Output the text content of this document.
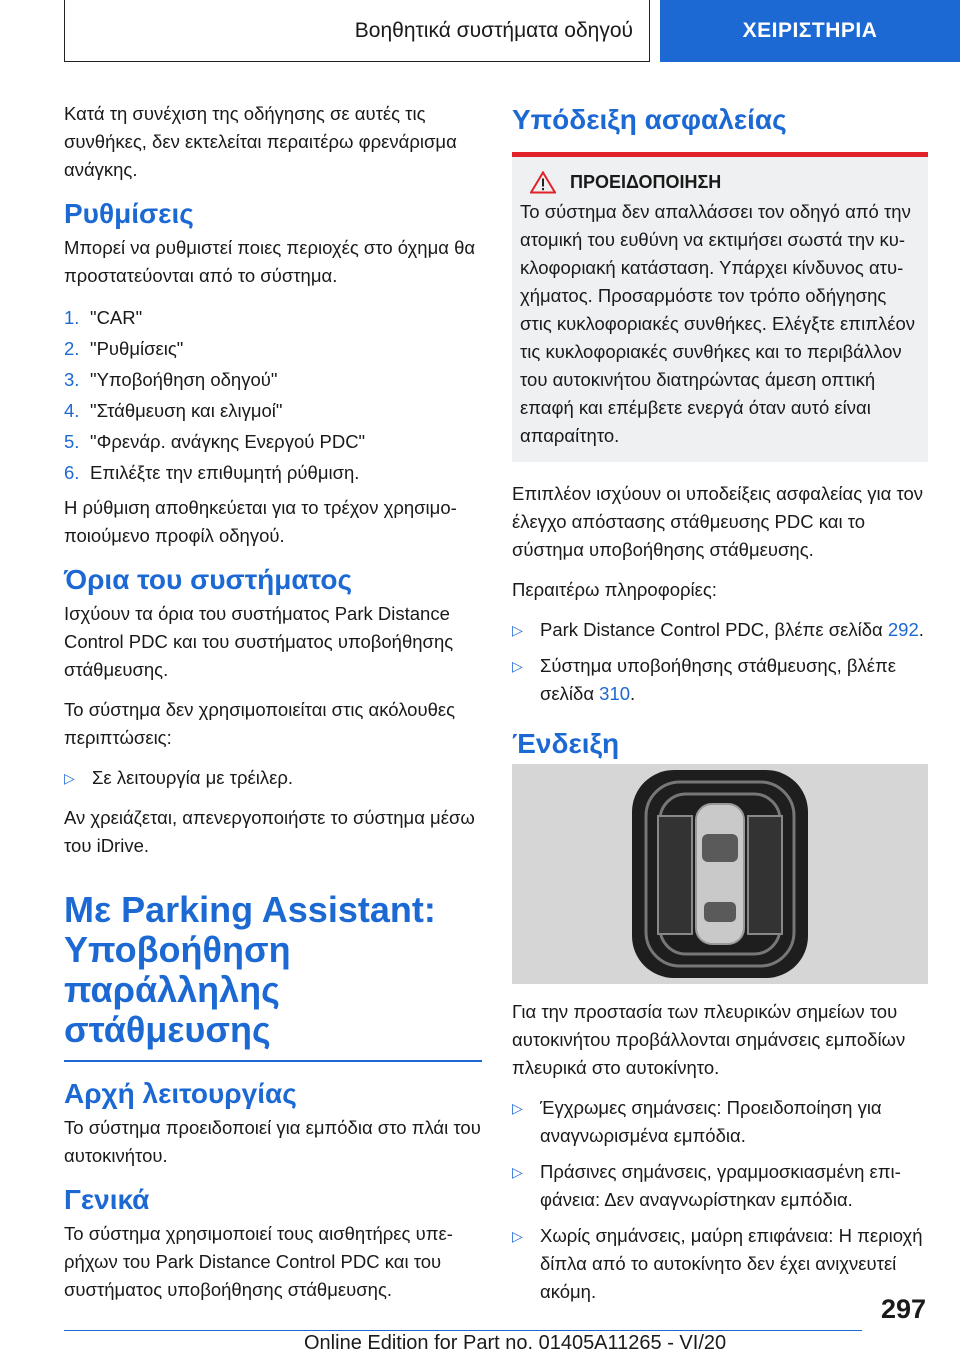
Βοηθητικά συστήματα οδηγού	ΧΕΙΡΙΣΤΗΡΙΑ

Κατά τη συνέχιση της οδήγησης σε αυτές τις συνθήκες, δεν εκτελείται περαιτέρω φρενάρισμα ανάγκης.

Ρυθμίσεις

Μπορεί να ρυθμιστεί ποιες περιοχές στο όχημα θα προστατεύονται από το σύστημα.

1. "CAR"
2. "Ρυθμίσεις"
3. "Υποβοήθηση οδηγού"
4. "Στάθμευση και ελιγμοί"
5. "Φρενάρ. ανάγκης Ενεργού PDC"
6. Επιλέξτε την επιθυμητή ρύθμιση.

Η ρύθμιση αποθηκεύεται για το τρέχον χρησιμοποιούμενο προφίλ οδηγού.

Όρια του συστήματος

Ισχύουν τα όρια του συστήματος Park Distance Control PDC και του συστήματος υποβοήθησης στάθμευσης.

Το σύστημα δεν χρησιμοποιείται στις ακόλουθες περιπτώσεις:

▷ Σε λειτουργία με τρέιλερ.

Αν χρειάζεται, απενεργοποιήστε το σύστημα μέσω του iDrive.

Με Parking Assistant: Υποβοήθηση παράλληλης στάθμευσης
Αρχή λειτουργίας

Το σύστημα προειδοποιεί για εμπόδια στο πλάι του αυτοκινήτου.

Γενικά

Το σύστημα χρησιμοποιεί τους αισθητήρες υπερήχων του Park Distance Control PDC και του συστήματος υποβοήθησης στάθμευσης.

Υπόδειξη ασφαλείας
ΠΡΟΕΙΔΟΠΟΙΗΣΗ

Το σύστημα δεν απαλλάσσει τον οδηγό από την ατομική του ευθύνη να εκτιμήσει σωστά την κυκλοφοριακή κατάσταση. Υπάρχει κίνδυνος ατυχήματος. Προσαρμόστε τον τρόπο οδήγησης στις κυκλοφοριακές συνθήκες. Ελέγξτε επιπλέον τις κυκλοφοριακές συνθήκες και το περιβάλλον του αυτοκινήτου διατηρώντας άμεση οπτική επαφή και επέμβετε ενεργά όταν αυτό είναι απαραίτητο.

Επιπλέον ισχύουν οι υποδείξεις ασφαλείας για τον έλεγχο απόστασης στάθμευσης PDC και το σύστημα υποβοήθησης στάθμευσης.

Περαιτέρω πληροφορίες:

▷ Park Distance Control PDC, βλέπε σελίδα 292.
▷ Σύστημα υποβοήθησης στάθμευσης, βλέπε σελίδα 310.
Ένδειξη

Για την προστασία των πλευρικών σημείων του αυτοκινήτου προβάλλονται σημάνσεις εμποδίων πλευρικά στο αυτοκίνητο.

▷ Έγχρωμες σημάνσεις: Προειδοποίηση για αναγνωρισμένα εμπόδια.
▷ Πράσινες σημάνσεις, γραμμοσκιασμένη επιφάνεια: Δεν αναγνωρίστηκαν εμπόδια.
▷ Χωρίς σημάνσεις, μαύρη επιφάνεια: Η περιοχή δίπλα από το αυτοκίνητο δεν έχει ανιχνευτεί ακόμη.
297
Online Edition for Part no. 01405A11265 - VI/20
